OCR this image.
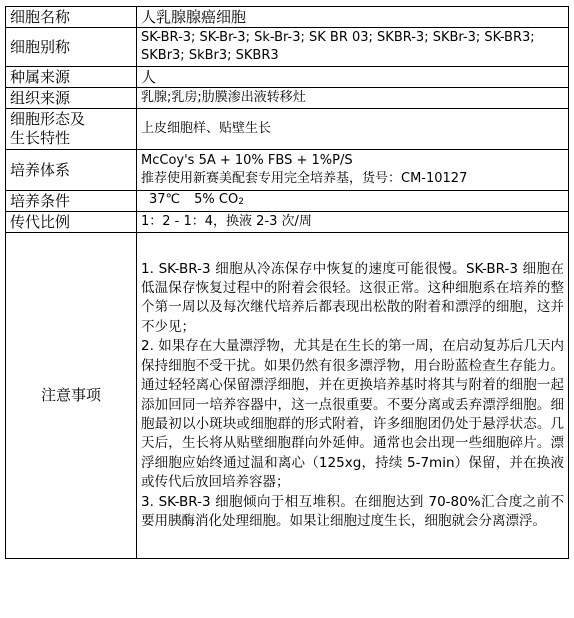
细胞名称	人乳腺腺癌细胞
细胞别称	SK-BR-3; SK-Br-3; Sk-Br-3; SK BR 03; SKBR-3; SKBr-3; SK-BR3; SKBr3; SkBr3; SKBR3
种属来源	人
组织来源	乳腺;乳房;肋膜渗出液转移灶

细胞形态及
生长特性	上皮细胞样、贴壁生长
培养体系	McCoy's 5A + 10% FBS + 1%P/S
推荐使用新赛美配套专用完全培养基，货号：CM-10127

培养条件	37℃ 5% $CO_2$
传代比例	1：2 - 1：4，换液 2-3 次/周
注意事项	1. SK-BR-3 细胞从冷冻保存中恢复的速度可能很慢。SK-BR-3 细胞在低温保存恢复过程中的附着会很轻。这很正常。这种细胞系在培养的整个第一周以及每次继代培养后都表现出松散的附着和漂浮的细胞，这并不少见；

2. 如果存在大量漂浮物，尤其是在生长的第一周，在启动复苏后几天内保持细胞不受干扰。如果仍然有很多漂浮物，用台盼蓝检查生存能力。通过轻轻离心保留漂浮细胞，并在更换培养基时将其与附着的细胞一起添加回同一培养容器中，这一点很重要。不要分离或丢弃漂浮细胞。细胞最初以小斑块或细胞群的形式附着，许多细胞团仍处于悬浮状态。几天后，生长将从贴壁细胞群向外延伸。通常也会出现一些细胞碎片。漂浮细胞应始终通过温和离心（125xg，持续 5-7min）保留，并在换液或传代后放回培养容器；

3. SK-BR-3 细胞倾向于相互堆积。在细胞达到 70-80%汇合度之前不要用胰酶消化处理细胞。如果让细胞过度生长，细胞就会分离漂浮。
